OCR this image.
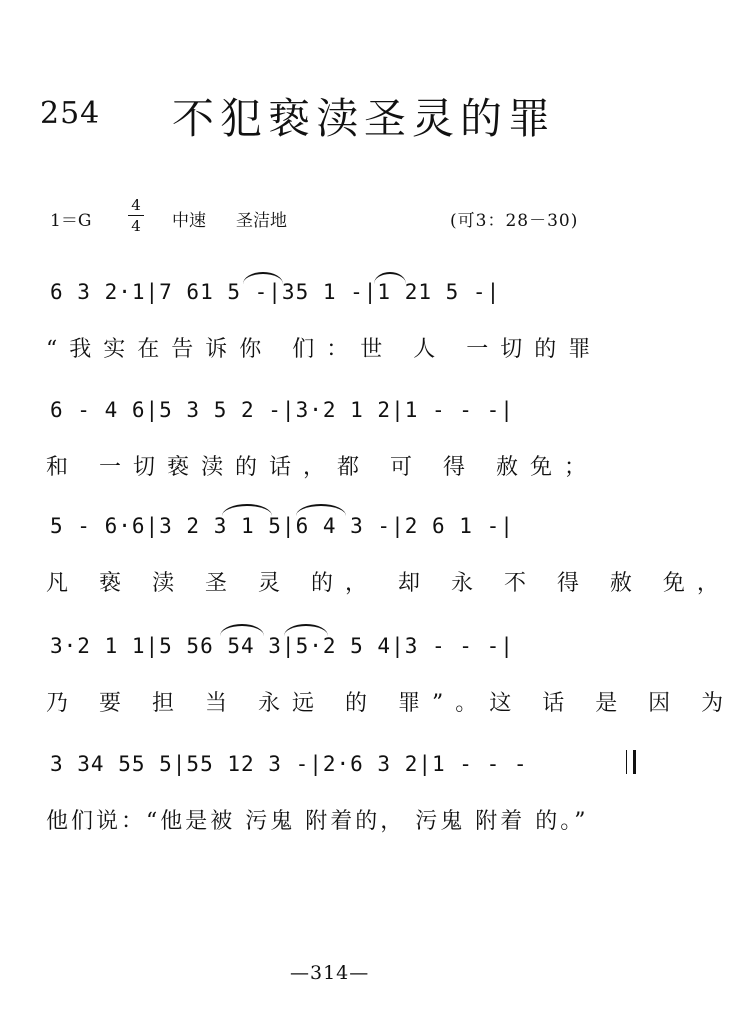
254 不犯亵渎圣灵的罪
1＝G
4
4	中速 圣洁地	(可3：28－30)
6 3 2·1|7 61 5 -|35 1 -|1 21 5 -|
“我实在告诉你 们：世 人 一切的罪
6 - 4 6|5 3 5 2 -|3·2 1 2|1 - - -|
和 一切亵渎的话，都 可 得 赦免；
5 - 6·6|3 2 3 1 5|6 4 3 -|2 6 1 -|
凡 亵 渎 圣 灵 的， 却 永 不 得 赦 免，
3·2 1 1|5 56 54 3|5·2 5 4|3 - - -|
乃 要 担 当 永远 的 罪”。这 话 是 因 为
3 34 55 5|55 12 3 -|2·6 3 2|1 - - -
他们说：“他是被 污鬼 附着的， 污鬼 附着 的。”
—314—
